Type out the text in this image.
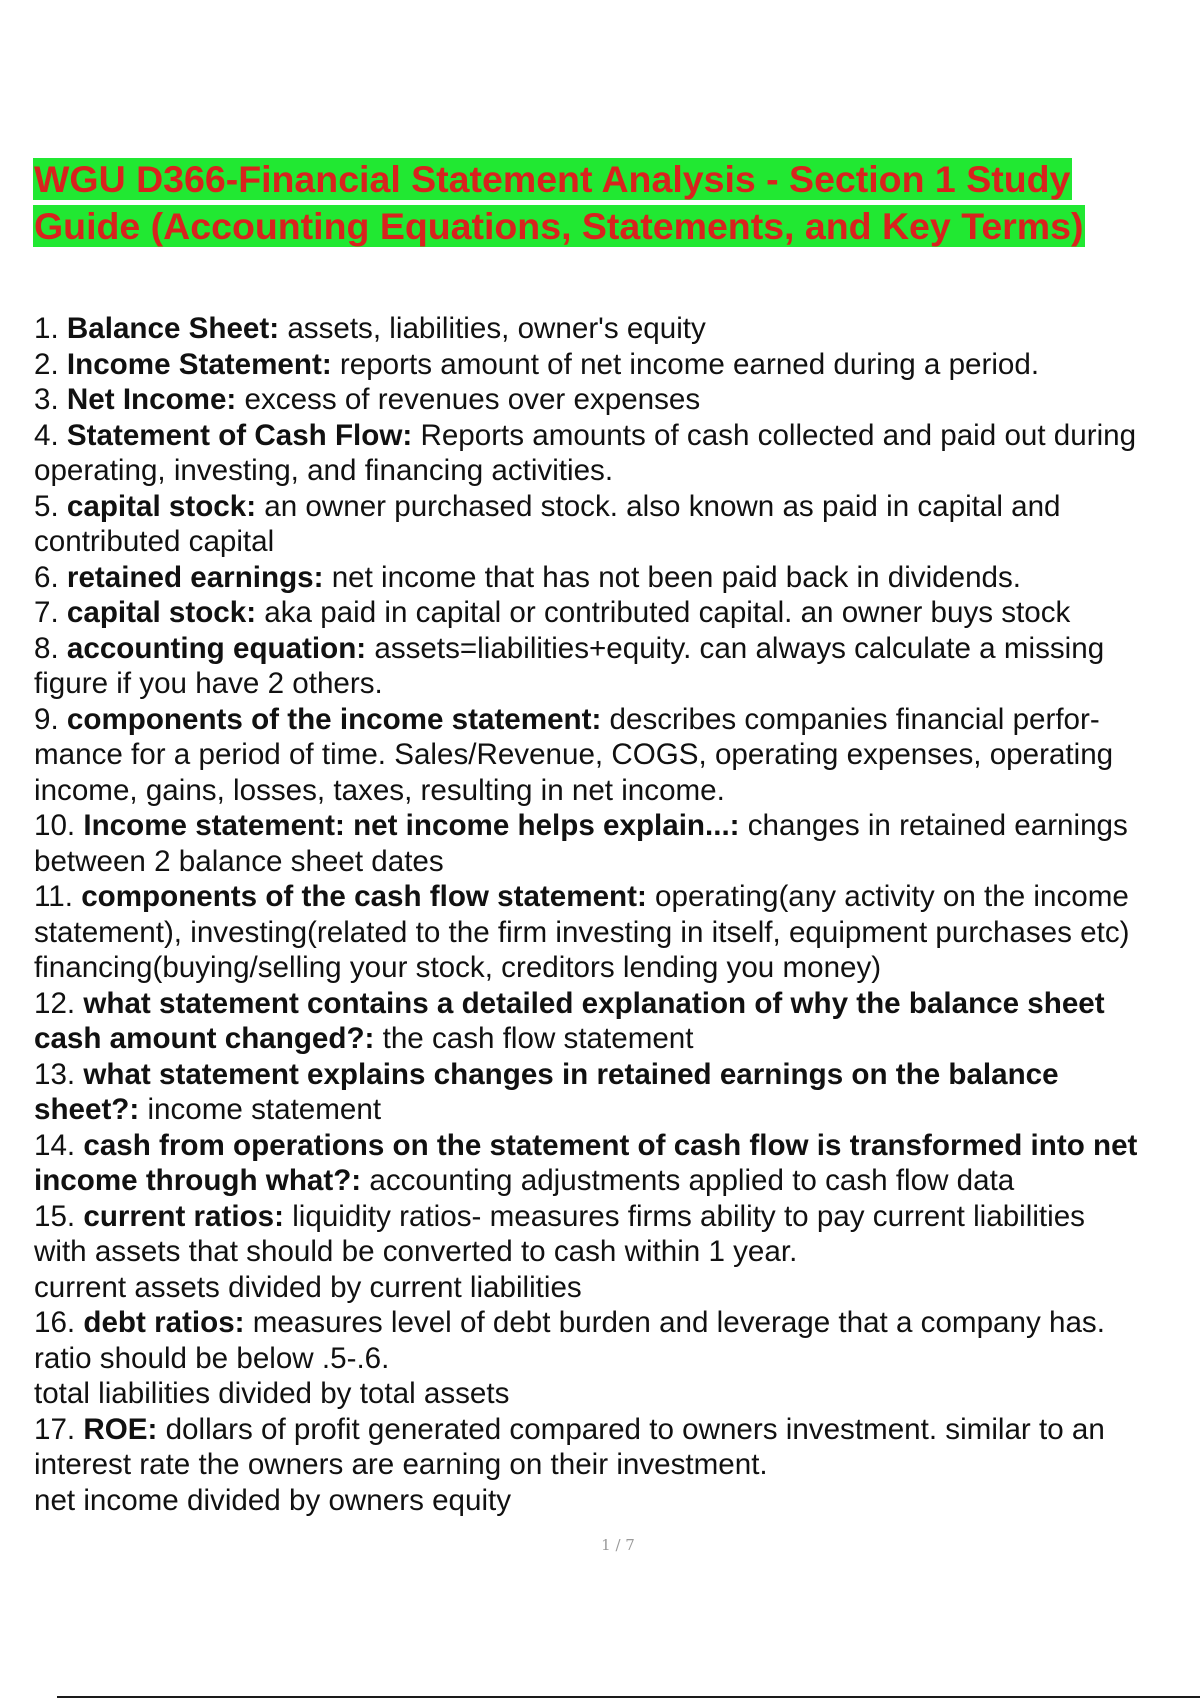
WGU D366-Financial Statement Analysis - Section 1 Study
Guide (Accounting Equations, Statements, and Key Terms)
1. Balance Sheet: assets, liabilities, owner's equity
2. Income Statement: reports amount of net income earned during a period.
3. Net Income: excess of revenues over expenses
4. Statement of Cash Flow: Reports amounts of cash collected and paid out during
operating, investing, and financing activities.
5. capital stock: an owner purchased stock. also known as paid in capital and
contributed capital
6. retained earnings: net income that has not been paid back in dividends.
7. capital stock: aka paid in capital or contributed capital. an owner buys stock
8. accounting equation: assets=liabilities+equity. can always calculate a missing
figure if you have 2 others.
9. components of the income statement: describes companies financial perfor-
mance for a period of time. Sales/Revenue, COGS, operating expenses, operating
income, gains, losses, taxes, resulting in net income.
10. Income statement: net income helps explain...: changes in retained earnings
between 2 balance sheet dates
11. components of the cash flow statement: operating(any activity on the income
statement), investing(related to the firm investing in itself, equipment purchases etc)
financing(buying/selling your stock, creditors lending you money)
12. what statement contains a detailed explanation of why the balance sheet
cash amount changed?: the cash flow statement
13. what statement explains changes in retained earnings on the balance
sheet?: income statement
14. cash from operations on the statement of cash flow is transformed into net
income through what?: accounting adjustments applied to cash flow data
15. current ratios: liquidity ratios- measures firms ability to pay current liabilities
with assets that should be converted to cash within 1 year.
current assets divided by current liabilities
16. debt ratios: measures level of debt burden and leverage that a company has.
ratio should be below .5-.6.
total liabilities divided by total assets
17. ROE: dollars of profit generated compared to owners investment. similar to an
interest rate the owners are earning on their investment.
net income divided by owners equity
1 / 7
